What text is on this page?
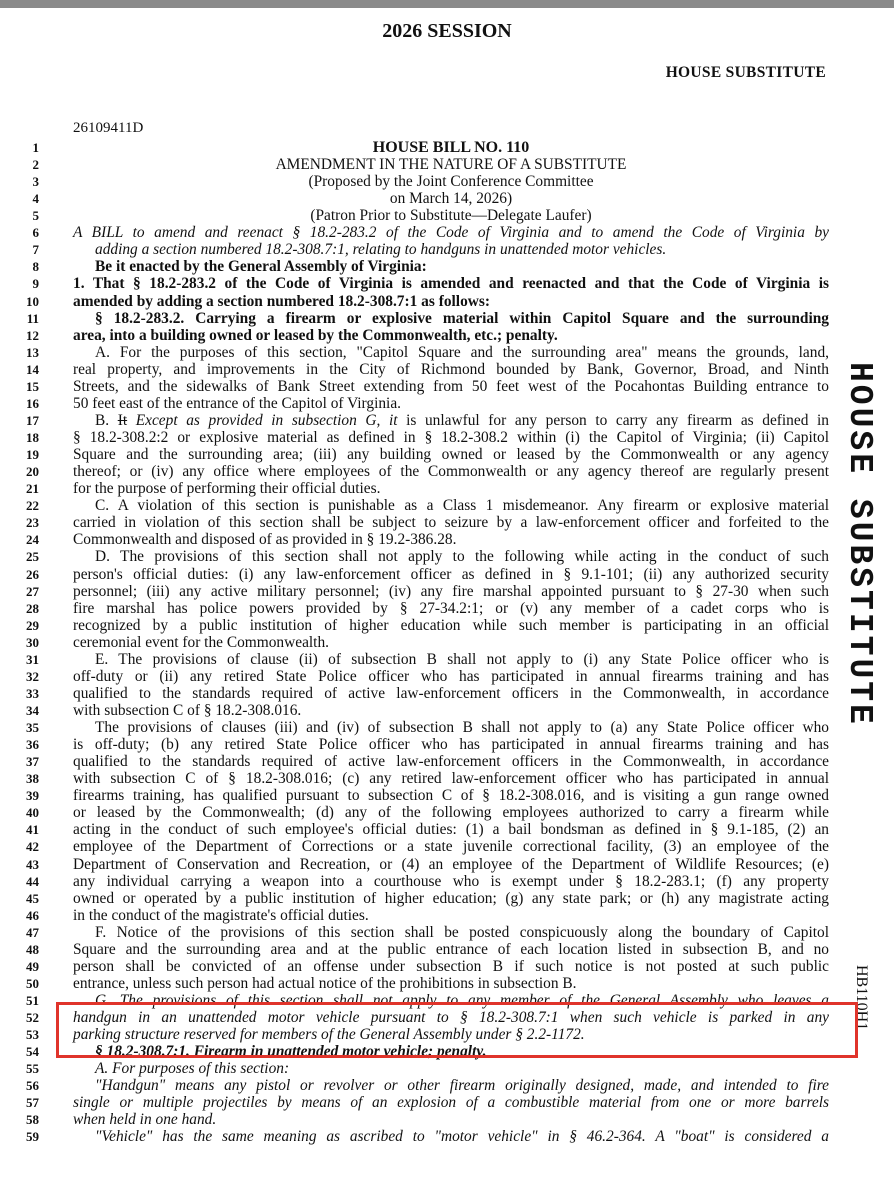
2026 SESSION
HOUSE SUBSTITUTE
26109411D
1	HOUSE BILL NO. 110
2	AMENDMENT IN THE NATURE OF A SUBSTITUTE
3	(Proposed by the Joint Conference Committee
4	on March 14, 2026)
5	(Patron Prior to Substitute—Delegate Laufer)
6 A BILL to amend and reenact § 18.2-283.2 of the Code of Virginia and to amend the Code of Virginia by
7	adding a section numbered 18.2-308.7:1, relating to handguns in unattended motor vehicles.
8	Be it enacted by the General Assembly of Virginia:
9 1. That § 18.2-283.2 of the Code of Virginia is amended and reenacted and that the Code of Virginia is
10 amended by adding a section numbered 18.2-308.7:1 as follows:
11	§ 18.2-283.2. Carrying a firearm or explosive material within Capitol Square and the surrounding
12 area, into a building owned or leased by the Commonwealth, etc.; penalty.
13	A. For the purposes of this section, "Capitol Square and the surrounding area" means the grounds, land,
14 real property, and improvements in the City of Richmond bounded by Bank, Governor, Broad, and Ninth
15 Streets, and the sidewalks of Bank Street extending from 50 feet west of the Pocahontas Building entrance to
16 50 feet east of the entrance of the Capitol of Virginia.
17	B. It Except as provided in subsection G, it is unlawful for any person to carry any firearm as defined in
18 § 18.2-308.2:2 or explosive material as defined in § 18.2-308.2 within (i) the Capitol of Virginia; (ii) Capitol
19 Square and the surrounding area; (iii) any building owned or leased by the Commonwealth or any agency
20 thereof; or (iv) any office where employees of the Commonwealth or any agency thereof are regularly present
21 for the purpose of performing their official duties.
22	C. A violation of this section is punishable as a Class 1 misdemeanor. Any firearm or explosive material
23 carried in violation of this section shall be subject to seizure by a law-enforcement officer and forfeited to the
24 Commonwealth and disposed of as provided in § 19.2-386.28.
25	D. The provisions of this section shall not apply to the following while acting in the conduct of such
26 person's official duties: (i) any law-enforcement officer as defined in § 9.1-101; (ii) any authorized security
27 personnel; (iii) any active military personnel; (iv) any fire marshal appointed pursuant to § 27-30 when such
28 fire marshal has police powers provided by § 27-34.2:1; or (v) any member of a cadet corps who is
29 recognized by a public institution of higher education while such member is participating in an official
30 ceremonial event for the Commonwealth.
31	E. The provisions of clause (ii) of subsection B shall not apply to (i) any State Police officer who is
32 off-duty or (ii) any retired State Police officer who has participated in annual firearms training and has
33 qualified to the standards required of active law-enforcement officers in the Commonwealth, in accordance
34 with subsection C of § 18.2-308.016.
35	The provisions of clauses (iii) and (iv) of subsection B shall not apply to (a) any State Police officer who
36 is off-duty; (b) any retired State Police officer who has participated in annual firearms training and has
37 qualified to the standards required of active law-enforcement officers in the Commonwealth, in accordance
38 with subsection C of § 18.2-308.016; (c) any retired law-enforcement officer who has participated in annual
39 firearms training, has qualified pursuant to subsection C of § 18.2-308.016, and is visiting a gun range owned
40 or leased by the Commonwealth; (d) any of the following employees authorized to carry a firearm while
41 acting in the conduct of such employee's official duties: (1) a bail bondsman as defined in § 9.1-185, (2) an
42 employee of the Department of Corrections or a state juvenile correctional facility, (3) an employee of the
43 Department of Conservation and Recreation, or (4) an employee of the Department of Wildlife Resources; (e)
44 any individual carrying a weapon into a courthouse who is exempt under § 18.2-283.1; (f) any property
45 owned or operated by a public institution of higher education; (g) any state park; or (h) any magistrate acting
46 in the conduct of the magistrate's official duties.
47	F. Notice of the provisions of this section shall be posted conspicuously along the boundary of Capitol
48 Square and the surrounding area and at the public entrance of each location listed in subsection B, and no
49 person shall be convicted of an offense under subsection B if such notice is not posted at such public
50 entrance, unless such person had actual notice of the prohibitions in subsection B.
51	G. The provisions of this section shall not apply to any member of the General Assembly who leaves a
52 handgun in an unattended motor vehicle pursuant to § 18.2-308.7:1 when such vehicle is parked in any
53 parking structure reserved for members of the General Assembly under § 2.2-1172.
54	§ 18.2-308.7:1. Firearm in unattended motor vehicle; penalty.
55	A. For purposes of this section:
56	"Handgun" means any pistol or revolver or other firearm originally designed, made, and intended to fire
57 single or multiple projectiles by means of an explosion of a combustible material from one or more barrels
58 when held in one hand.
59	"Vehicle" has the same meaning as ascribed to "motor vehicle" in § 46.2-364. A "boat" is considered a
HOUSE SUBSTITUTE
HB110H1
